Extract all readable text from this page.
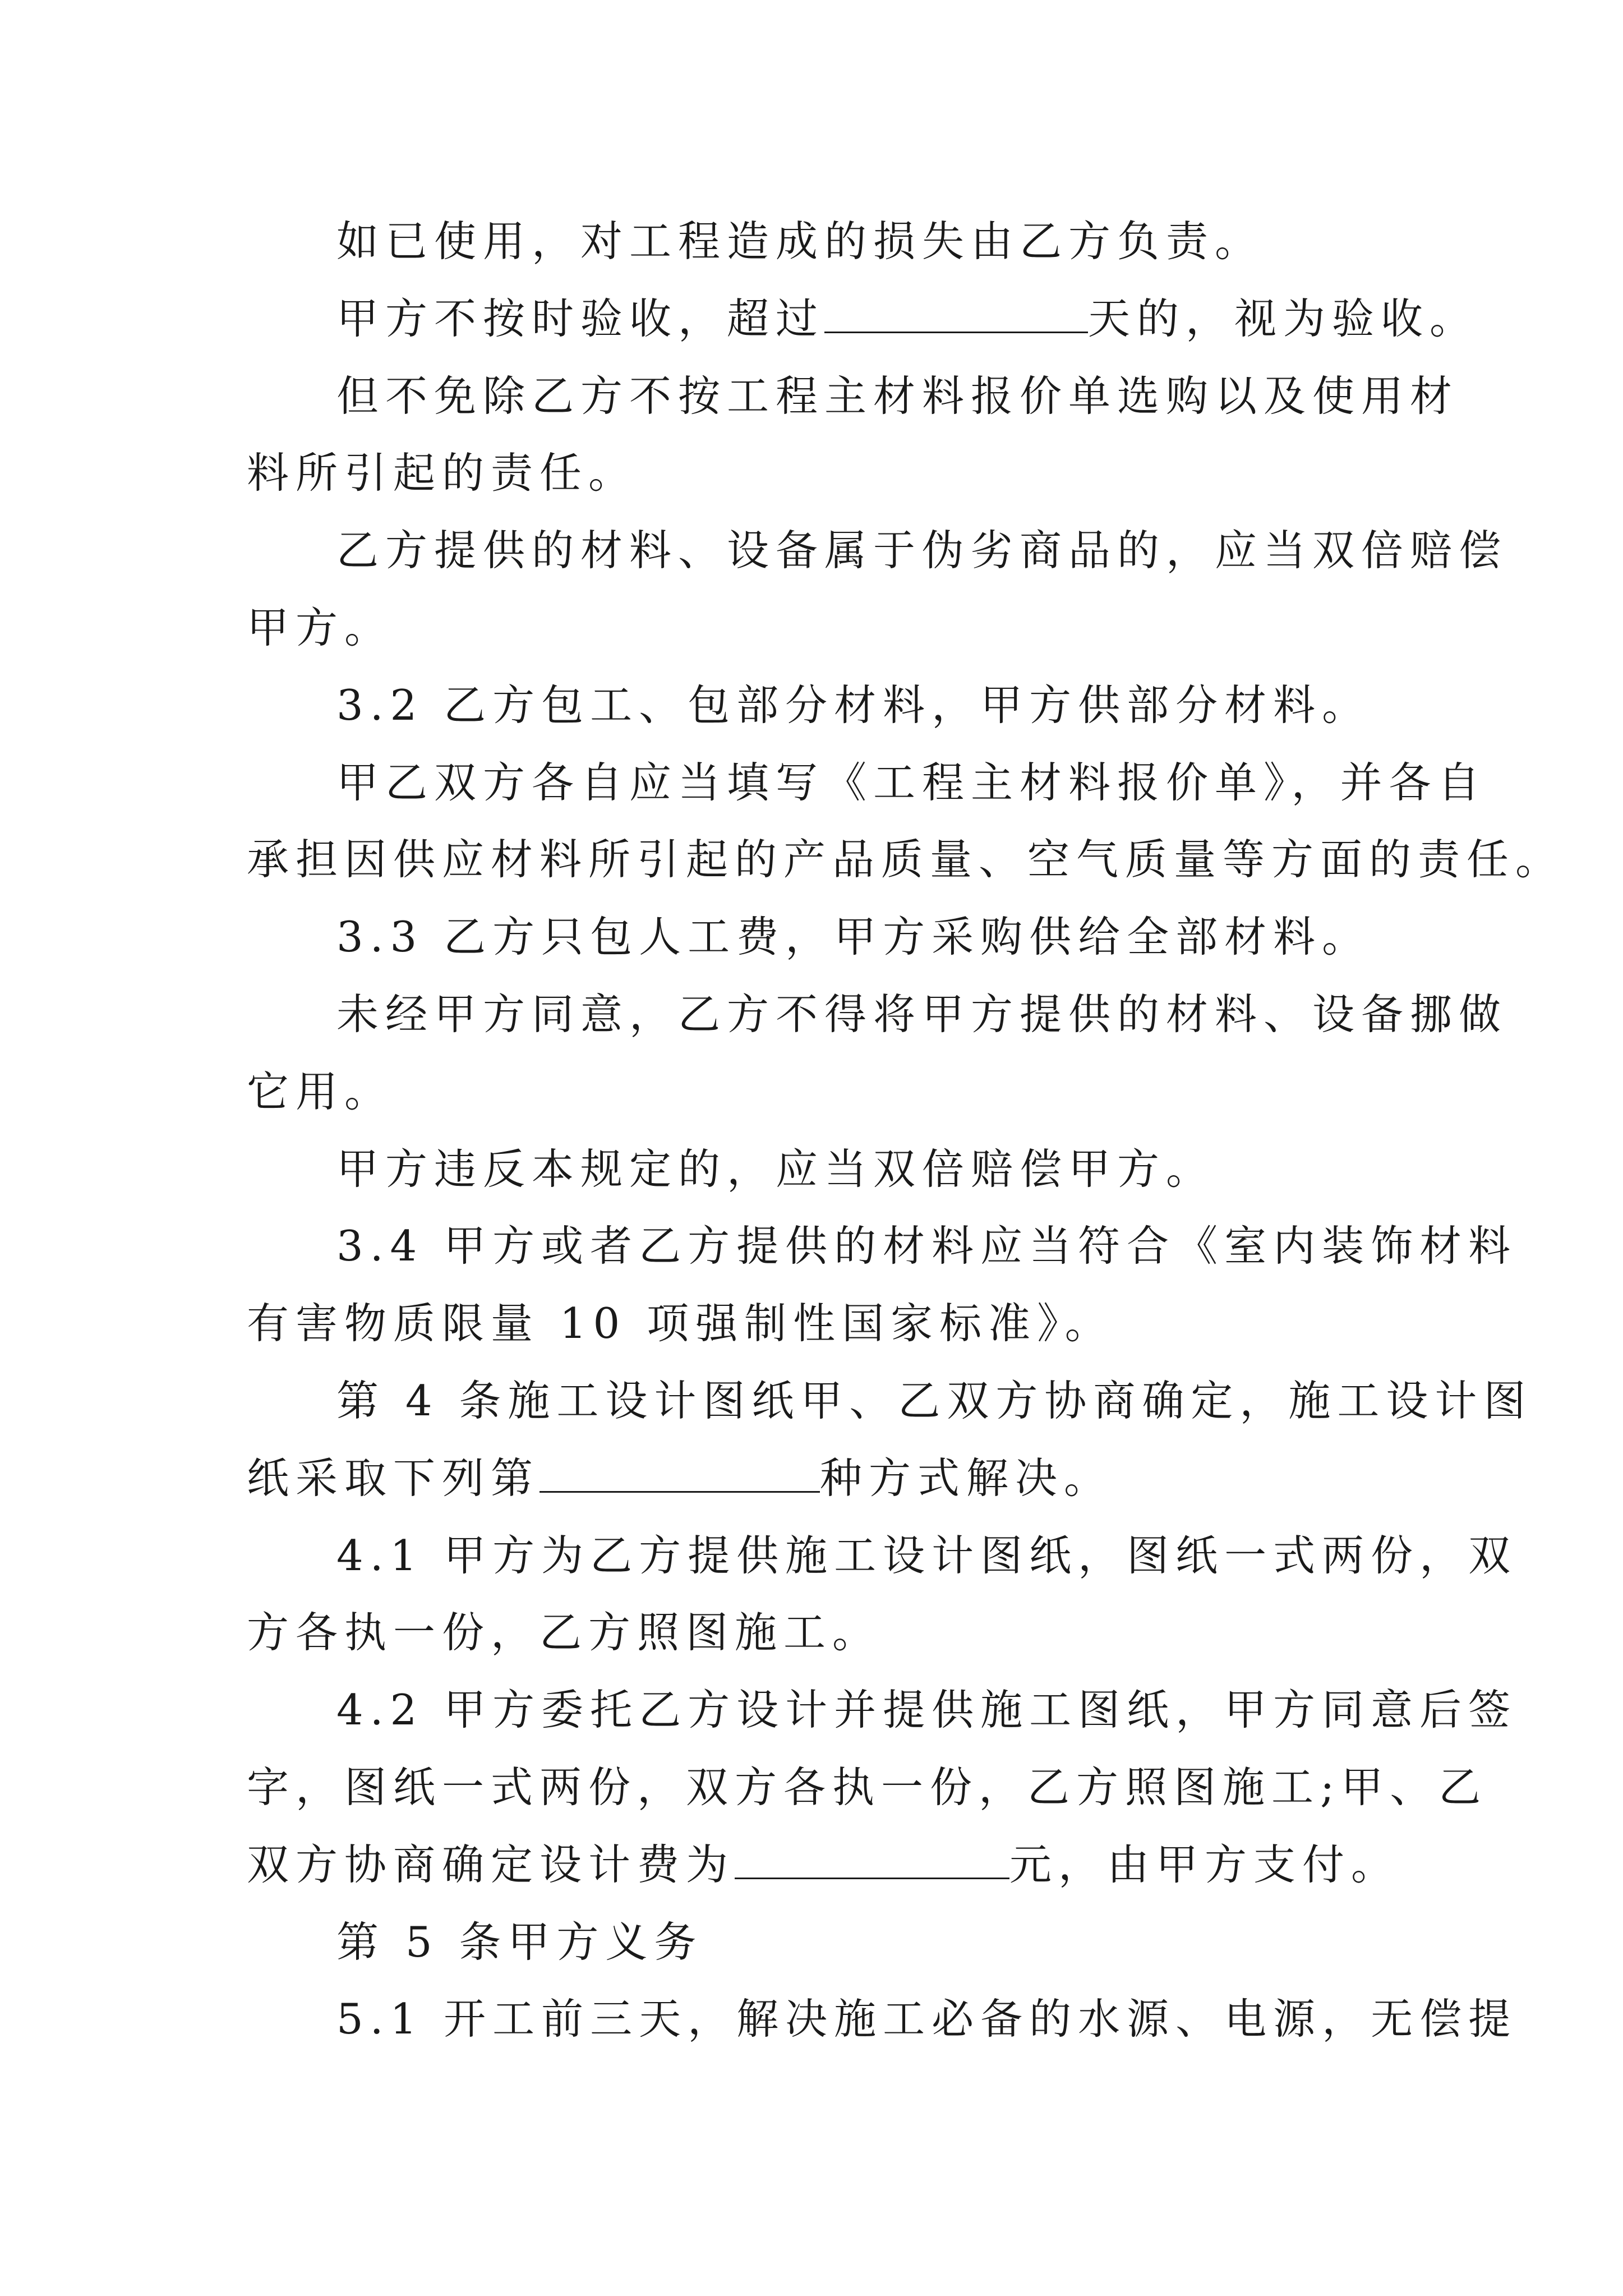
如已使用，对工程造成的损失由乙方负责。
甲方不按时验收，超过	天的，视为验收。
但不免除乙方不按工程主材料报价单选购以及使用材
料所引起的责任。
乙方提供的材料、设备属于伪劣商品的，应当双倍赔偿
甲方。
3.2 乙方包工、包部分材料，甲方供部分材料。
甲乙双方各自应当填写《工程主材料报价单》，并各自
承担因供应材料所引起的产品质量、空气质量等方面的责任。
3.3 乙方只包人工费，甲方采购供给全部材料。
未经甲方同意，乙方不得将甲方提供的材料、设备挪做
它用。
甲方违反本规定的，应当双倍赔偿甲方。
3.4 甲方或者乙方提供的材料应当符合《室内装饰材料
有害物质限量 10 项强制性国家标准》。
第 4 条施工设计图纸甲、乙双方协商确定，施工设计图
纸采取下列第	种方式解决。
4.1 甲方为乙方提供施工设计图纸，图纸一式两份，双
方各执一份，乙方照图施工。
4.2 甲方委托乙方设计并提供施工图纸，甲方同意后签
字，图纸一式两份，双方各执一份，乙方照图施工;甲、乙
双方协商确定设计费为	元，由甲方支付。
第 5 条甲方义务
5.1 开工前三天，解决施工必备的水源、电源，无偿提
